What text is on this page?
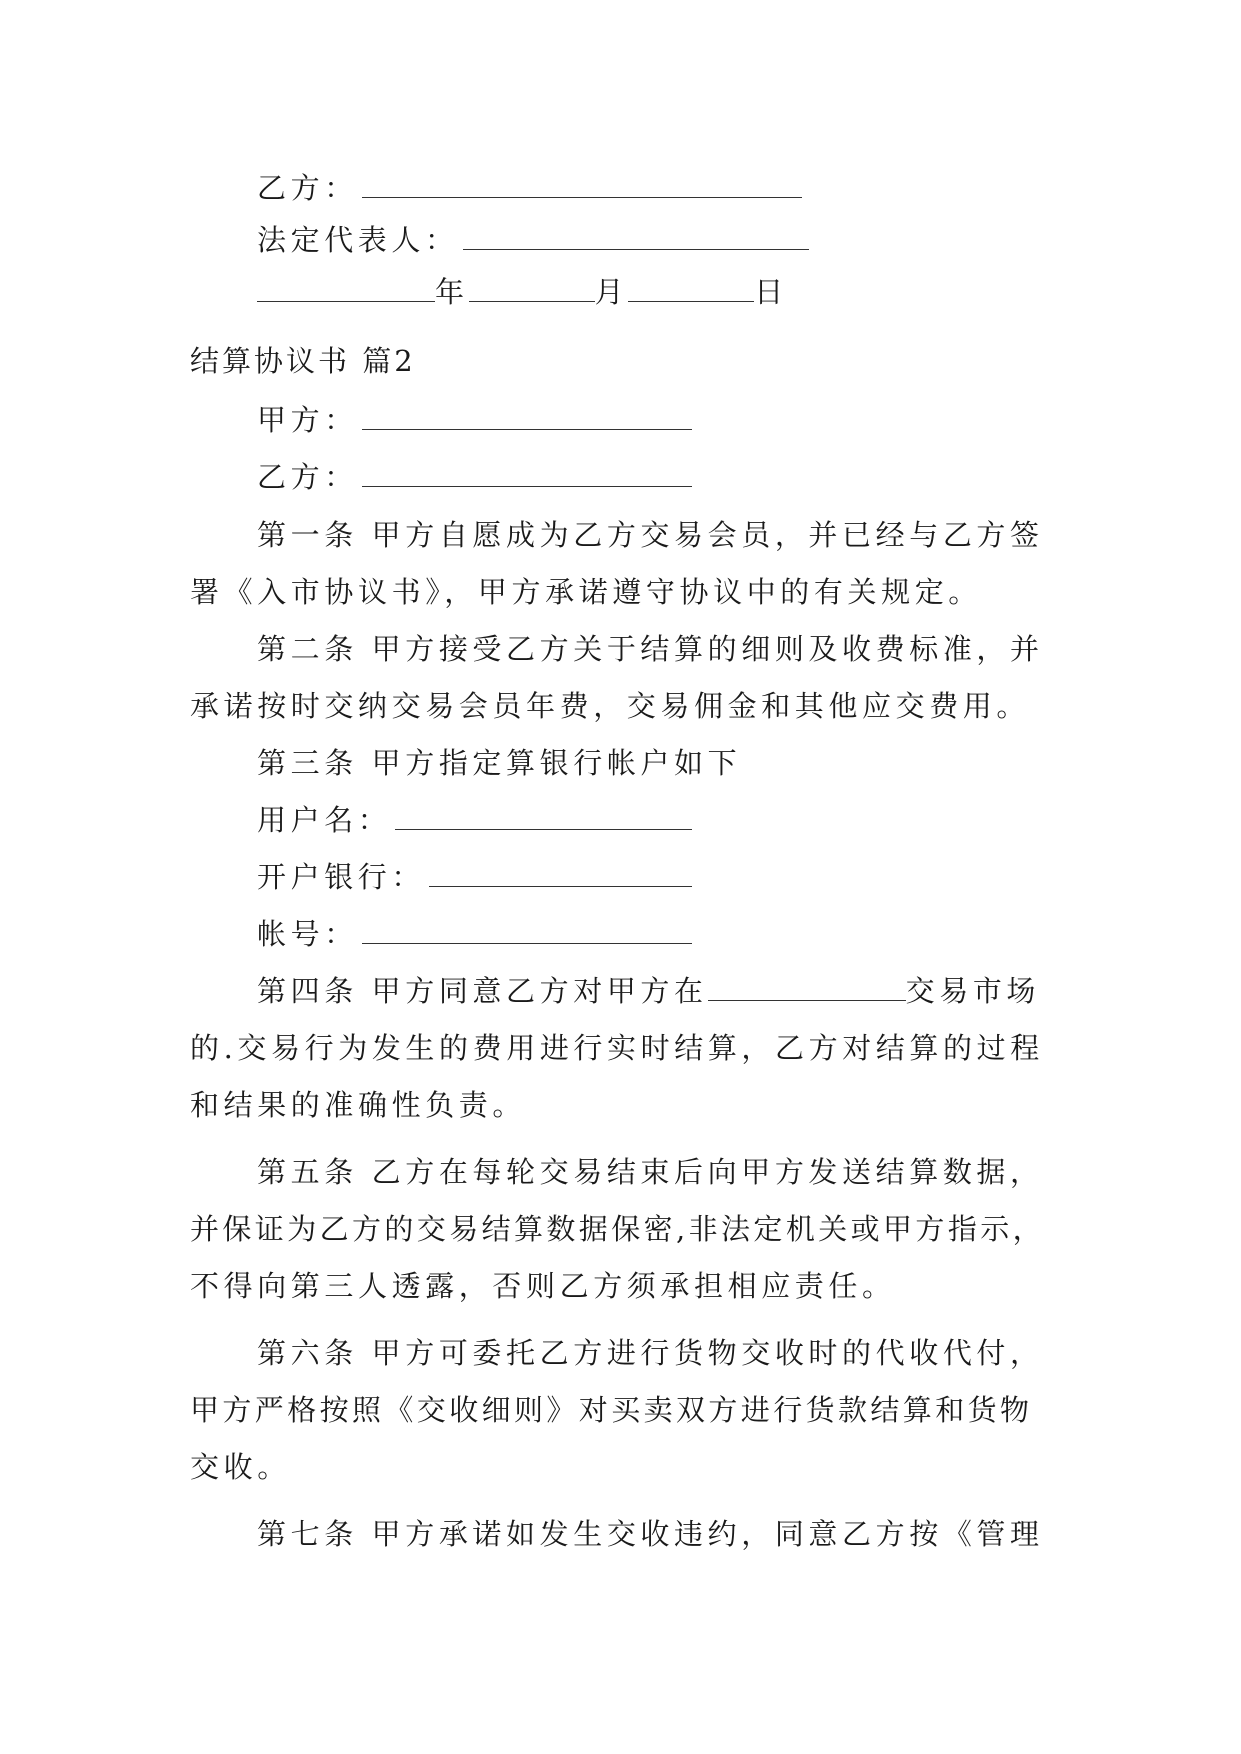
乙方：
法定代表人：
年	月	日
结算协议书 篇2
甲方：
乙方：
第一条 甲方自愿成为乙方交易会员，并已经与乙方签
署《入市协议书》，甲方承诺遵守协议中的有关规定。
第二条 甲方接受乙方关于结算的细则及收费标准，并
承诺按时交纳交易会员年费，交易佣金和其他应交费用。
第三条 甲方指定算银行帐户如下
用户名：
开户银行：
帐号：
第四条 甲方同意乙方对甲方在	交易市场
的.交易行为发生的费用进行实时结算，乙方对结算的过程
和结果的准确性负责。
第五条 乙方在每轮交易结束后向甲方发送结算数据，
并保证为乙方的交易结算数据保密,非法定机关或甲方指示，
不得向第三人透露，否则乙方须承担相应责任。
第六条 甲方可委托乙方进行货物交收时的代收代付，
甲方严格按照《交收细则》对买卖双方进行货款结算和货物
交收。
第七条 甲方承诺如发生交收违约，同意乙方按《管理
